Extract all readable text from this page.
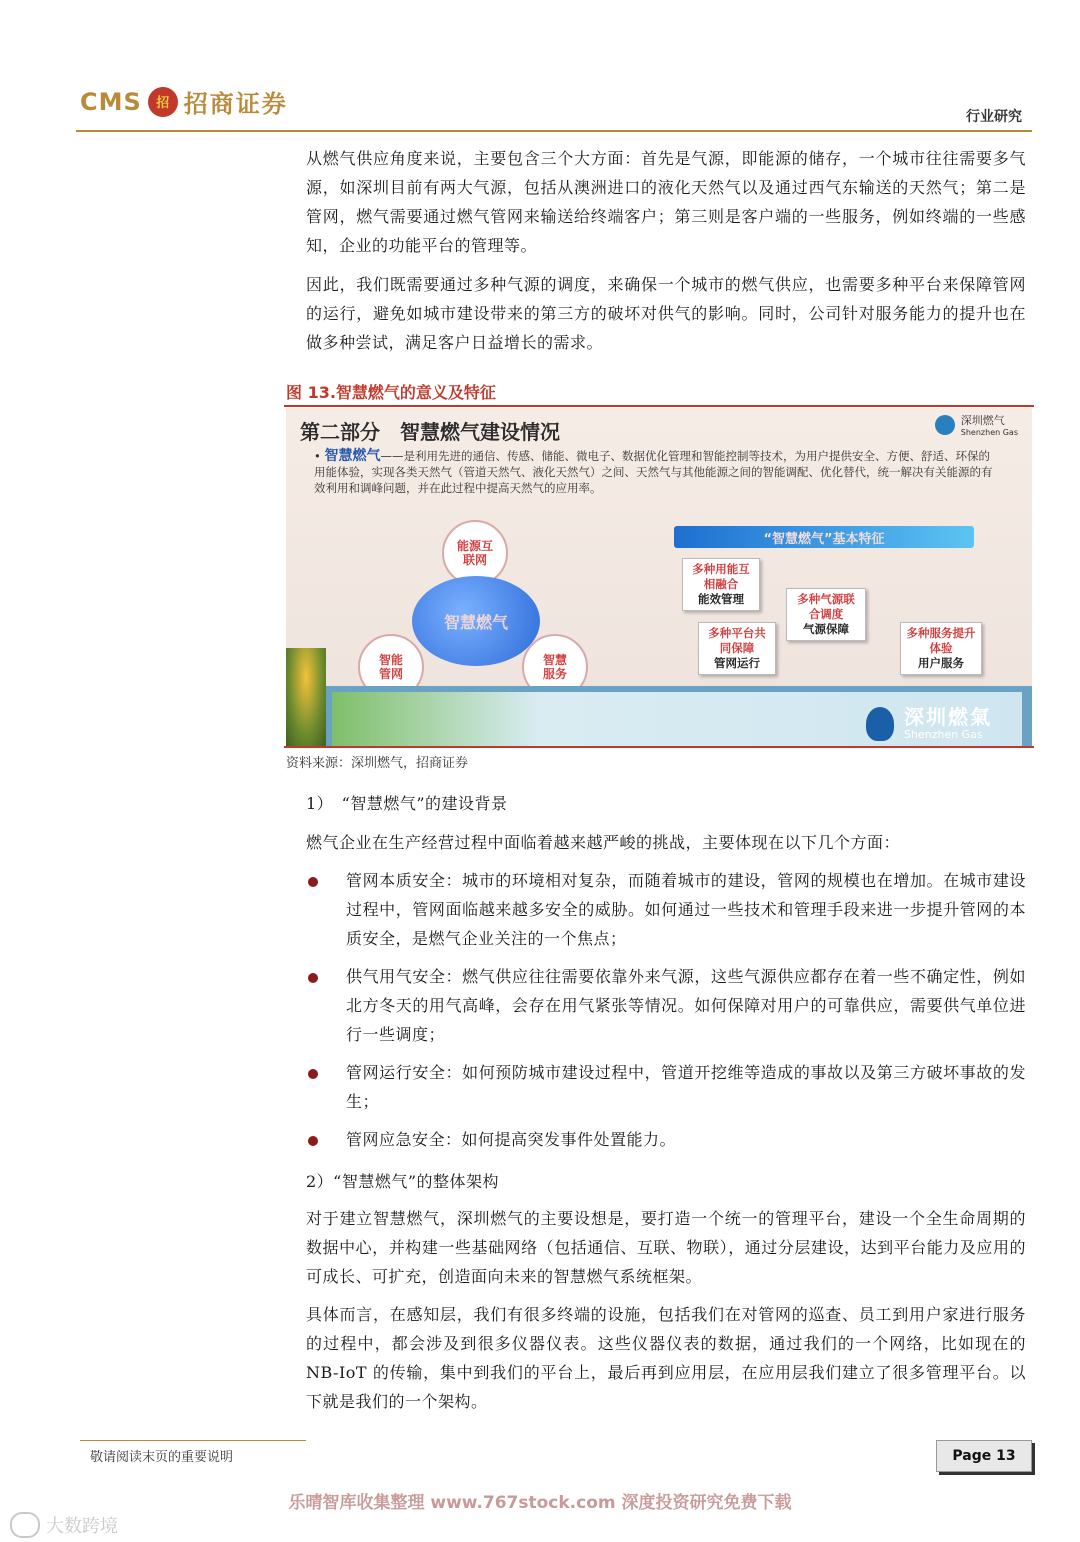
CMS	招 招商证券	行业研究

从燃气供应角度来说，主要包含三个大方面：首先是气源，即能源的储存，一个城市往往需要多气源，如深圳目前有两大气源，包括从澳洲进口的液化天然气以及通过西气东输送的天然气；第二是管网，燃气需要通过燃气管网来输送给终端客户；第三则是客户端的一些服务，例如终端的一些感知，企业的功能平台的管理等。

因此，我们既需要通过多种气源的调度，来确保一个城市的燃气供应，也需要多种平台来保障管网的运行，避免如城市建设带来的第三方的破坏对供气的影响。同时，公司针对服务能力的提升也在做多种尝试，满足客户日益增长的需求。

图 13.智慧燃气的意义及特征
第二部分　智慧燃气建设情况	深圳燃气
Shenzhen Gas
• 智慧燃气——是利用先进的通信、传感、储能、微电子、数据优化管理和智能控制等技术，为用户提供安全、方便、舒适、环保的用能体验，实现各类天然气（管道天然气、液化天然气）之间、天然气与其他能源之间的智能调配、优化替代，统一解决有关能源的有效利用和调峰问题，并在此过程中提高天然气的应用率。
能源互联网
智慧燃气
智能管网
智慧服务
“智慧燃气”基本特征
多种用能互相融合
能效管理	多种气源联合调度
气源保障
多种平台共同保障
管网运行
多种服务提升体验
用户服务
深圳燃氣
Shenzhen Gas
资料来源：深圳燃气，招商证券

1）　“智慧燃气”的建设背景

燃气企业在生产经营过程中面临着越来越严峻的挑战，主要体现在以下几个方面：

管网本质安全：城市的环境相对复杂，而随着城市的建设，管网的规模也在增加。在城市建设过程中，管网面临越来越多安全的威胁。如何通过一些技术和管理手段来进一步提升管网的本质安全，是燃气企业关注的一个焦点；

供气用气安全：燃气供应往往需要依靠外来气源，这些气源供应都存在着一些不确定性，例如北方冬天的用气高峰，会存在用气紧张等情况。如何保障对用户的可靠供应，需要供气单位进行一些调度；

管网运行安全：如何预防城市建设过程中，管道开挖维等造成的事故以及第三方破坏事故的发生；

管网应急安全：如何提高突发事件处置能力。

2）“智慧燃气”的整体架构

对于建立智慧燃气，深圳燃气的主要设想是，要打造一个统一的管理平台，建设一个全生命周期的数据中心，并构建一些基础网络（包括通信、互联、物联），通过分层建设，达到平台能力及应用的可成长、可扩充，创造面向未来的智慧燃气系统框架。

具体而言，在感知层，我们有很多终端的设施，包括我们在对管网的巡查、员工到用户家进行服务的过程中，都会涉及到很多仪器仪表。这些仪器仪表的数据，通过我们的一个网络，比如现在的 NB-IoT 的传输，集中到我们的平台上，最后再到应用层，在应用层我们建立了很多管理平台。以下就是我们的一个架构。

敬请阅读末页的重要说明	Page 13
乐晴智库收集整理 www.767stock.com 深度投资研究免费下载
大数跨境
